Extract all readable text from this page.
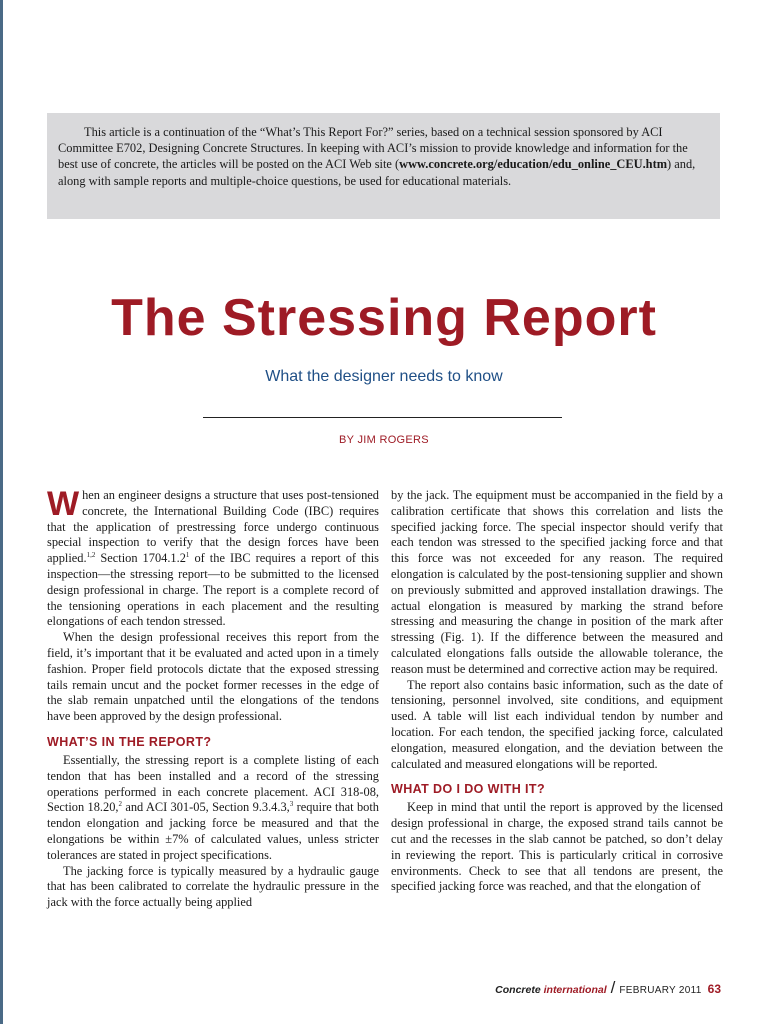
This article is a continuation of the “What’s This Report For?” series, based on a technical session sponsored by ACI Committee E702, Designing Concrete Structures. In keeping with ACI’s mission to provide knowledge and information for the best use of concrete, the articles will be posted on the ACI Web site (www.concrete.org/education/edu_online_CEU.htm) and, along with sample reports and multiple-choice questions, be used for educational materials.

The Stressing Report
What the designer needs to know
BY JIM ROGERS

When an engineer designs a structure that uses post-tensioned concrete, the International Building Code (IBC) requires that the application of prestressing force undergo continuous special inspection to verify that the design forces have been applied.$^{1,2}$ Section 1704.1.2$^1$ of the IBC requires a report of this inspection—the stressing report—to be submitted to the licensed design professional in charge. The report is a complete record of the tensioning operations in each placement and the resulting elongations of each tendon stressed.

When the design professional receives this report from the field, it’s important that it be evaluated and acted upon in a timely fashion. Proper field protocols dictate that the exposed stressing tails remain uncut and the pocket former recesses in the edge of the slab remain unpatched until the elongations of the tendons have been approved by the design professional.

WHAT’S IN THE REPORT?

Essentially, the stressing report is a complete listing of each tendon that has been installed and a record of the stressing operations performed in each concrete placement. ACI 318-08, Section 18.20,$^2$ and ACI 301-05, Section 9.3.4.3,$^3$ require that both tendon elongation and jacking force be measured and that the elongations be within ±7% of calculated values, unless stricter tolerances are stated in project specifications.

The jacking force is typically measured by a hydraulic gauge that has been calibrated to correlate the hydraulic pressure in the jack with the force actually being applied

by the jack. The equipment must be accompanied in the field by a calibration certificate that shows this correlation and lists the specified jacking force. The special inspector should verify that each tendon was stressed to the specified jacking force and that this force was not exceeded for any reason. The required elongation is calculated by the post-tensioning supplier and shown on previously submitted and approved installation drawings. The actual elongation is measured by marking the strand before stressing and measuring the change in position of the mark after stressing (Fig. 1). If the difference between the measured and calculated elongations falls outside the allowable tolerance, the reason must be determined and corrective action may be required.

The report also contains basic information, such as the date of tensioning, personnel involved, site conditions, and equipment used. A table will list each individual tendon by number and location. For each tendon, the specified jacking force, calculated elongation, measured elongation, and the deviation between the calculated and measured elongations will be reported.

WHAT DO I DO WITH IT?

Keep in mind that until the report is approved by the licensed design professional in charge, the exposed strand tails cannot be cut and the recesses in the slab cannot be patched, so don’t delay in reviewing the report. This is particularly critical in corrosive environments. Check to see that all tendons are present, the specified jacking force was reached, and that the elongation of

Concrete international / FEBRUARY 2011 63
